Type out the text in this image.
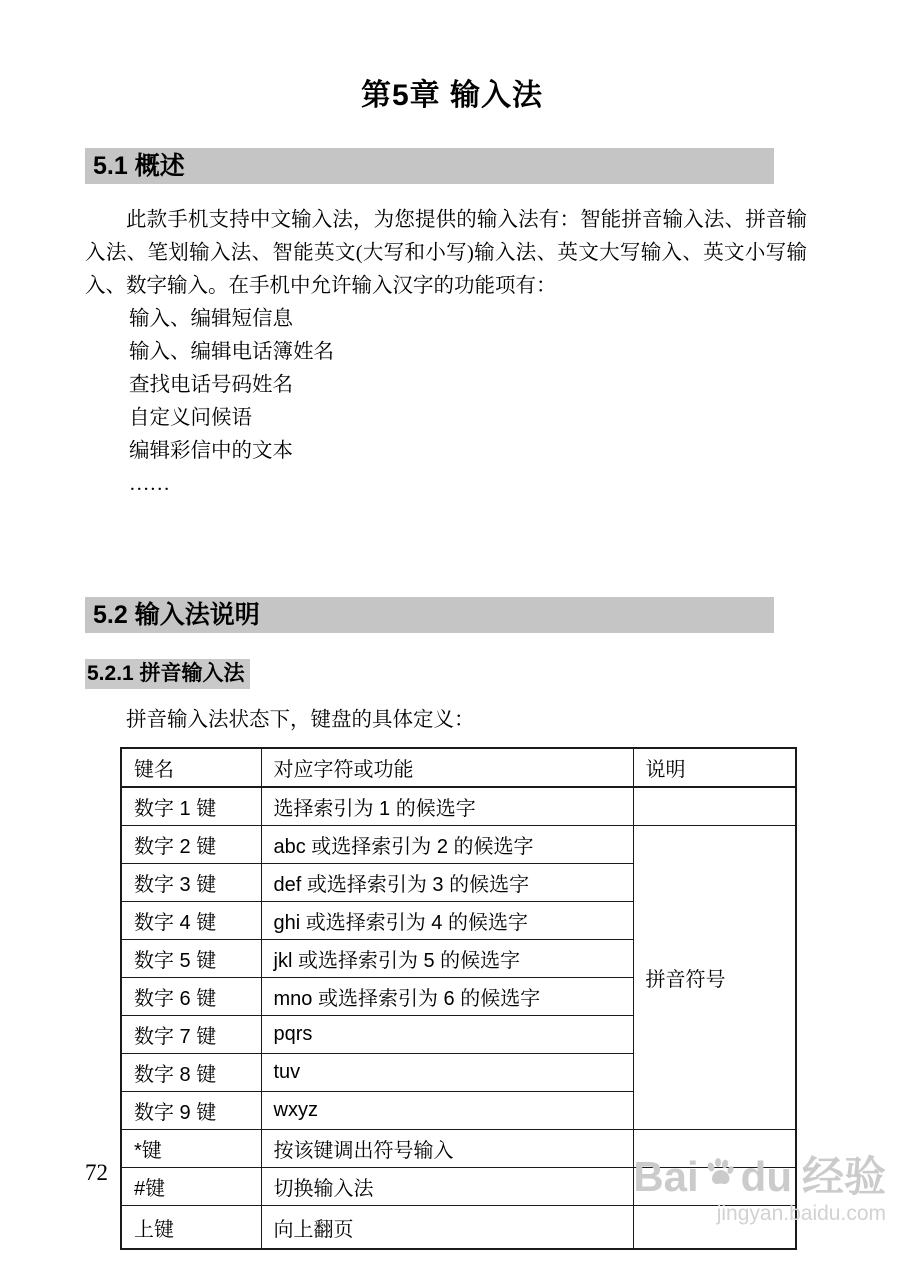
第5章 输入法
5.1 概述

此款手机支持中文输入法，为您提供的输入法有：智能拼音输入法、拼音输入法、笔划输入法、智能英文(大写和小写)输入法、英文大写输入、英文小写输入、数字输入。在手机中允许输入汉字的功能项有：

输入、编辑短信息
输入、编辑电话簿姓名
查找电话号码姓名
自定义问候语
编辑彩信中的文本
……
5.2 输入法说明
5.2.1 拼音输入法

拼音输入法状态下，键盘的具体定义：

键名	对应字符或功能	说明
数字 1 键	选择索引为 1 的候选字	
数字 2 键	abc 或选择索引为 2 的候选字	拼音符号
数字 3 键	def 或选择索引为 3 的候选字	
数字 4 键	ghi 或选择索引为 4 的候选字	
数字 5 键	jkl 或选择索引为 5 的候选字	
数字 6 键	mno 或选择索引为 6 的候选字	
数字 7 键	pqrs	
数字 8 键	tuv	
数字 9 键	wxyz	
*键	按该键调出符号输入	
#键	切换输入法	
上键	向上翻页	
72	Bai du 经验
jingyan.baidu.com
